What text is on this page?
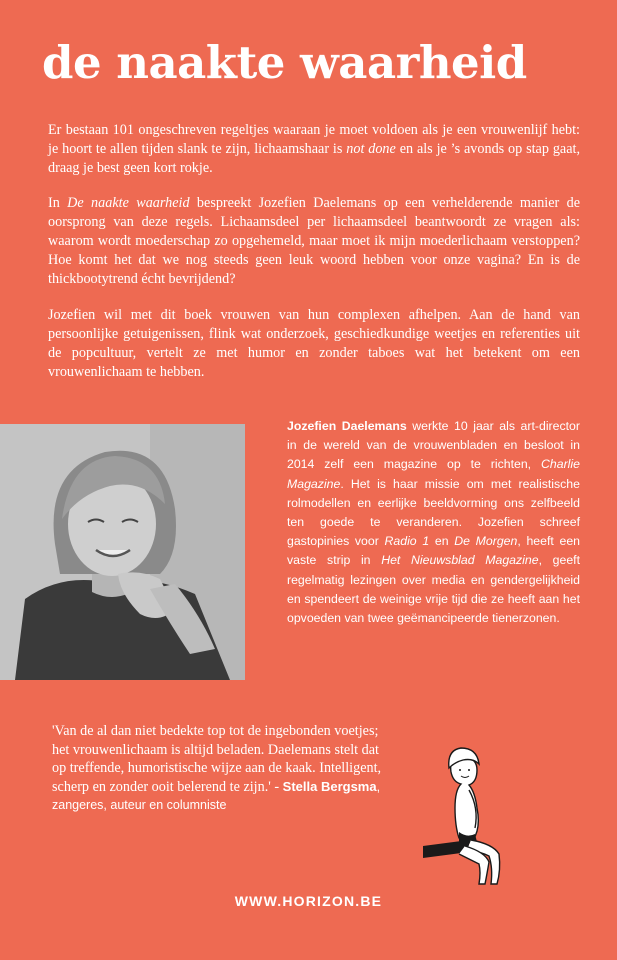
de naakte waarheid

Er bestaan 101 ongeschreven regeltjes waaraan je moet voldoen als je een vrouwenlijf hebt: je hoort te allen tijden slank te zijn, lichaamshaar is not done en als je ’s avonds op stap gaat, draag je best geen kort rokje.

In De naakte waarheid bespreekt Jozefien Daelemans op een verhelderende manier de oorsprong van deze regels. Lichaamsdeel per lichaamsdeel beantwoordt ze vragen als: waarom wordt moederschap zo opgehemeld, maar moet ik mijn moederlichaam verstoppen? Hoe komt het dat we nog steeds geen leuk woord hebben voor onze vagina? En is de thickbootytrend écht bevrijdend?

Jozefien wil met dit boek vrouwen van hun complexen afhelpen. Aan de hand van persoonlijke getuigenissen, flink wat onderzoek, geschiedkundige weetjes en referenties uit de popcultuur, vertelt ze met humor en zonder taboes wat het betekent om een vrouwenlichaam te hebben.

Jozefien Daelemans werkte 10 jaar als art-director in de wereld van de vrouwenbladen en besloot in 2014 zelf een magazine op te richten, Charlie Magazine. Het is haar missie om met realistische rolmodellen en eerlijke beeldvorming ons zelfbeeld ten goede te veranderen. Jozefien schreef gastopinies voor Radio 1 en De Morgen, heeft een vaste strip in Het Nieuwsblad Magazine, geeft regelmatig lezingen over media en gendergelijkheid en spendeert de weinige vrije tijd die ze heeft aan het opvoeden van twee geëmancipeerde tienerzonen.

'Van de al dan niet bedekte top tot de ingebonden voetjes; het vrouwenlichaam is altijd beladen. Daelemans stelt dat op treffende, humoristische wijze aan de kaak. Intelligent, scherp en zonder ooit belerend te zijn.' - Stella Bergsma, zangeres, auteur en columniste

WWW.HORIZON.BE
